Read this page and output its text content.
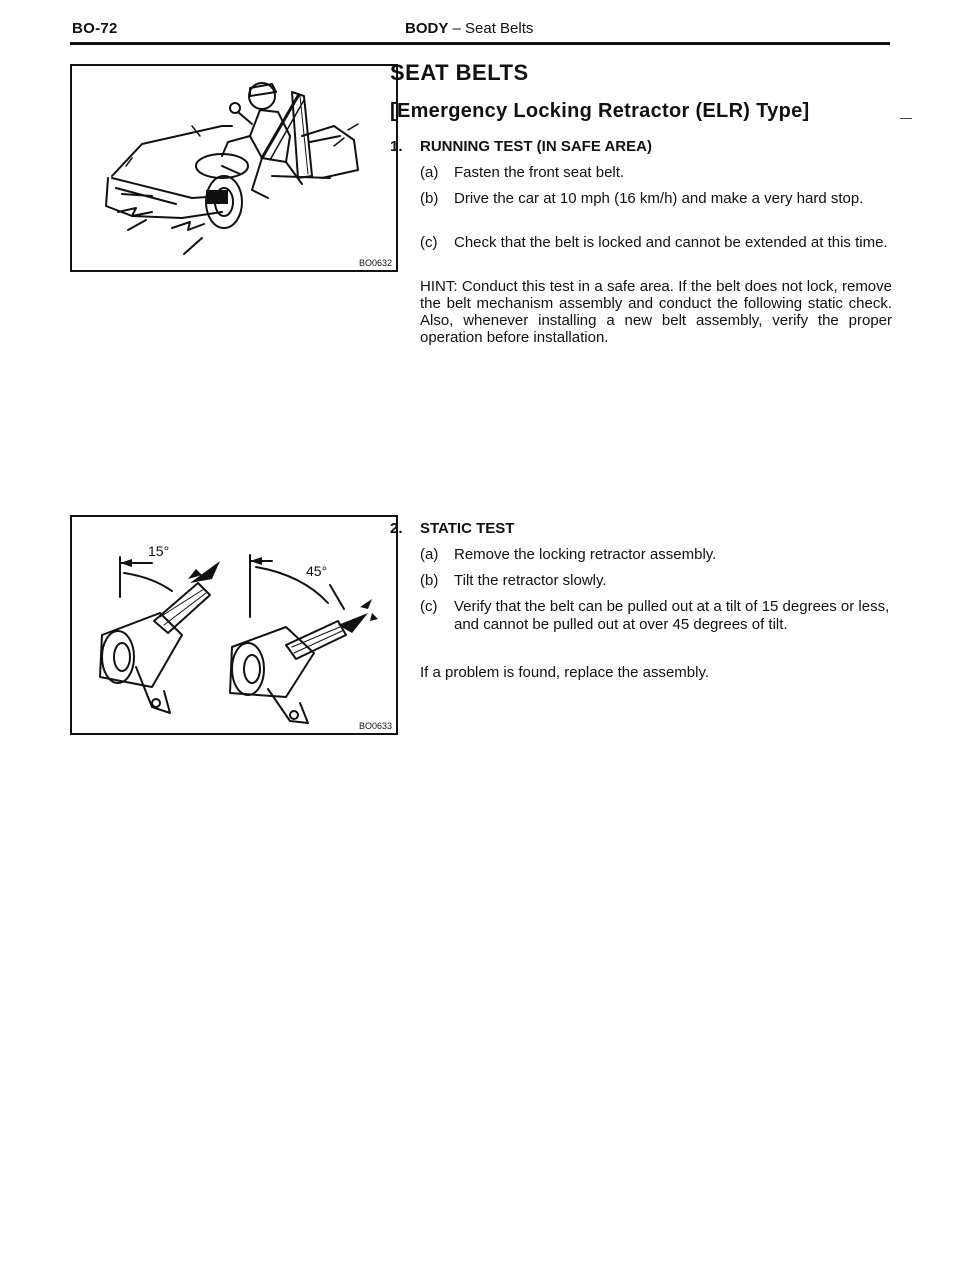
BO-72	BODY – Seat Belts
BO0632
15°
45°
BO0633
SEAT BELTS
[Emergency Locking Retractor (ELR) Type]
1. RUNNING TEST (IN SAFE AREA)
(a)	Fasten the front seat belt.
(b)	Drive the car at 10 mph (16 km/h) and make a very hard stop.
(c)	Check that the belt is locked and cannot be extended at this time.
HINT: Conduct this test in a safe area. If the belt does not lock, remove the belt mechanism assembly and conduct the following static check. Also, whenever installing a new belt assembly, verify the proper operation before installation.
2. STATIC TEST
(a)	Remove the locking retractor assembly.
(b)	Tilt the retractor slowly.
(c)	Verify that the belt can be pulled out at a tilt of 15 degrees or less, and cannot be pulled out at over 45 degrees of tilt.
If a problem is found, replace the assembly.
